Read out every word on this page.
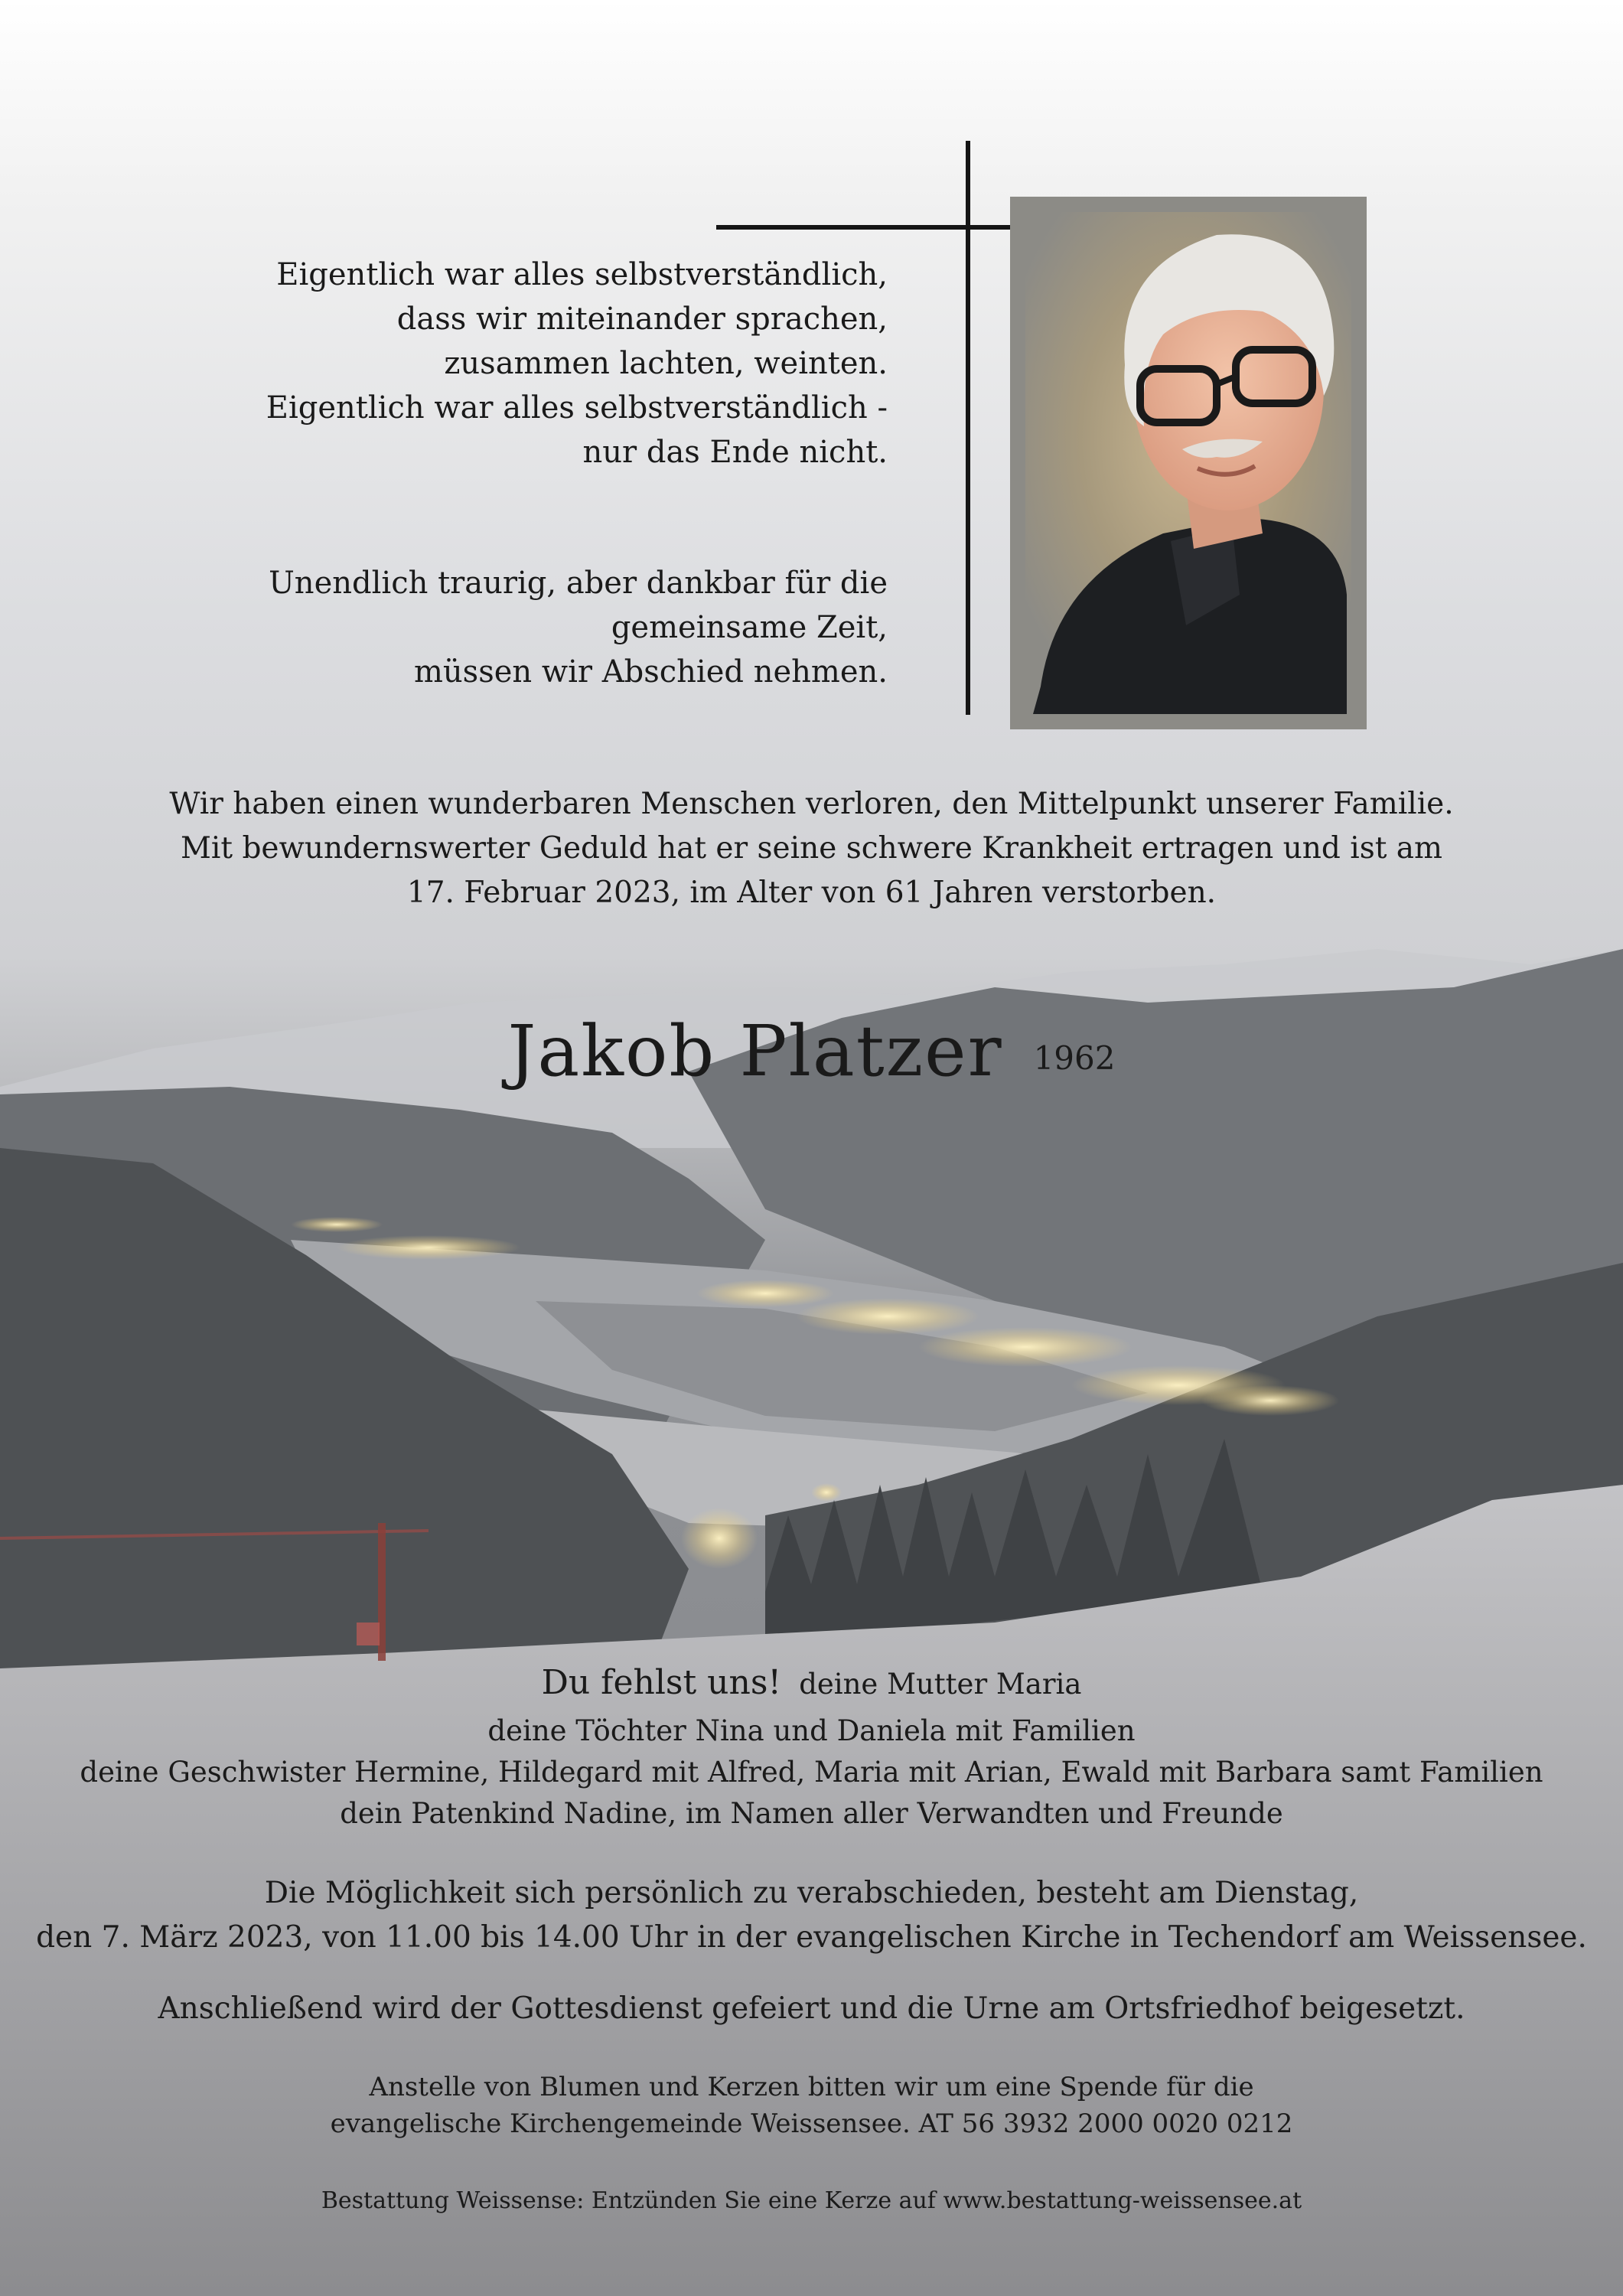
Eigentlich war alles selbstverständlich,
dass wir miteinander sprachen,
zusammen lachten, weinten.
Eigentlich war alles selbstverständlich -
nur das Ende nicht.
Unendlich traurig, aber dankbar für die
gemeinsame Zeit,
müssen wir Abschied nehmen.
Wir haben einen wunderbaren Menschen verloren, den Mittelpunkt unserer Familie.
Mit bewundernswerter Geduld hat er seine schwere Krankheit ertragen und ist am
17. Februar 2023, im Alter von 61 Jahren verstorben.
Jakob Platzer 1962
Du fehlst uns! deine Mutter Maria
deine Töchter Nina und Daniela mit Familien
deine Geschwister Hermine, Hildegard mit Alfred, Maria mit Arian, Ewald mit Barbara samt Familien
dein Patenkind Nadine, im Namen aller Verwandten und Freunde
Die Möglichkeit sich persönlich zu verabschieden, besteht am Dienstag,
den 7. März 2023, von 11.00 bis 14.00 Uhr in der evangelischen Kirche in Techendorf am Weissensee.
Anschließend wird der Gottesdienst gefeiert und die Urne am Ortsfriedhof beigesetzt.
Anstelle von Blumen und Kerzen bitten wir um eine Spende für die
evangelische Kirchengemeinde Weissensee. AT 56 3932 2000 0020 0212
Bestattung Weissense: Entzünden Sie eine Kerze auf www.bestattung-weissensee.at
